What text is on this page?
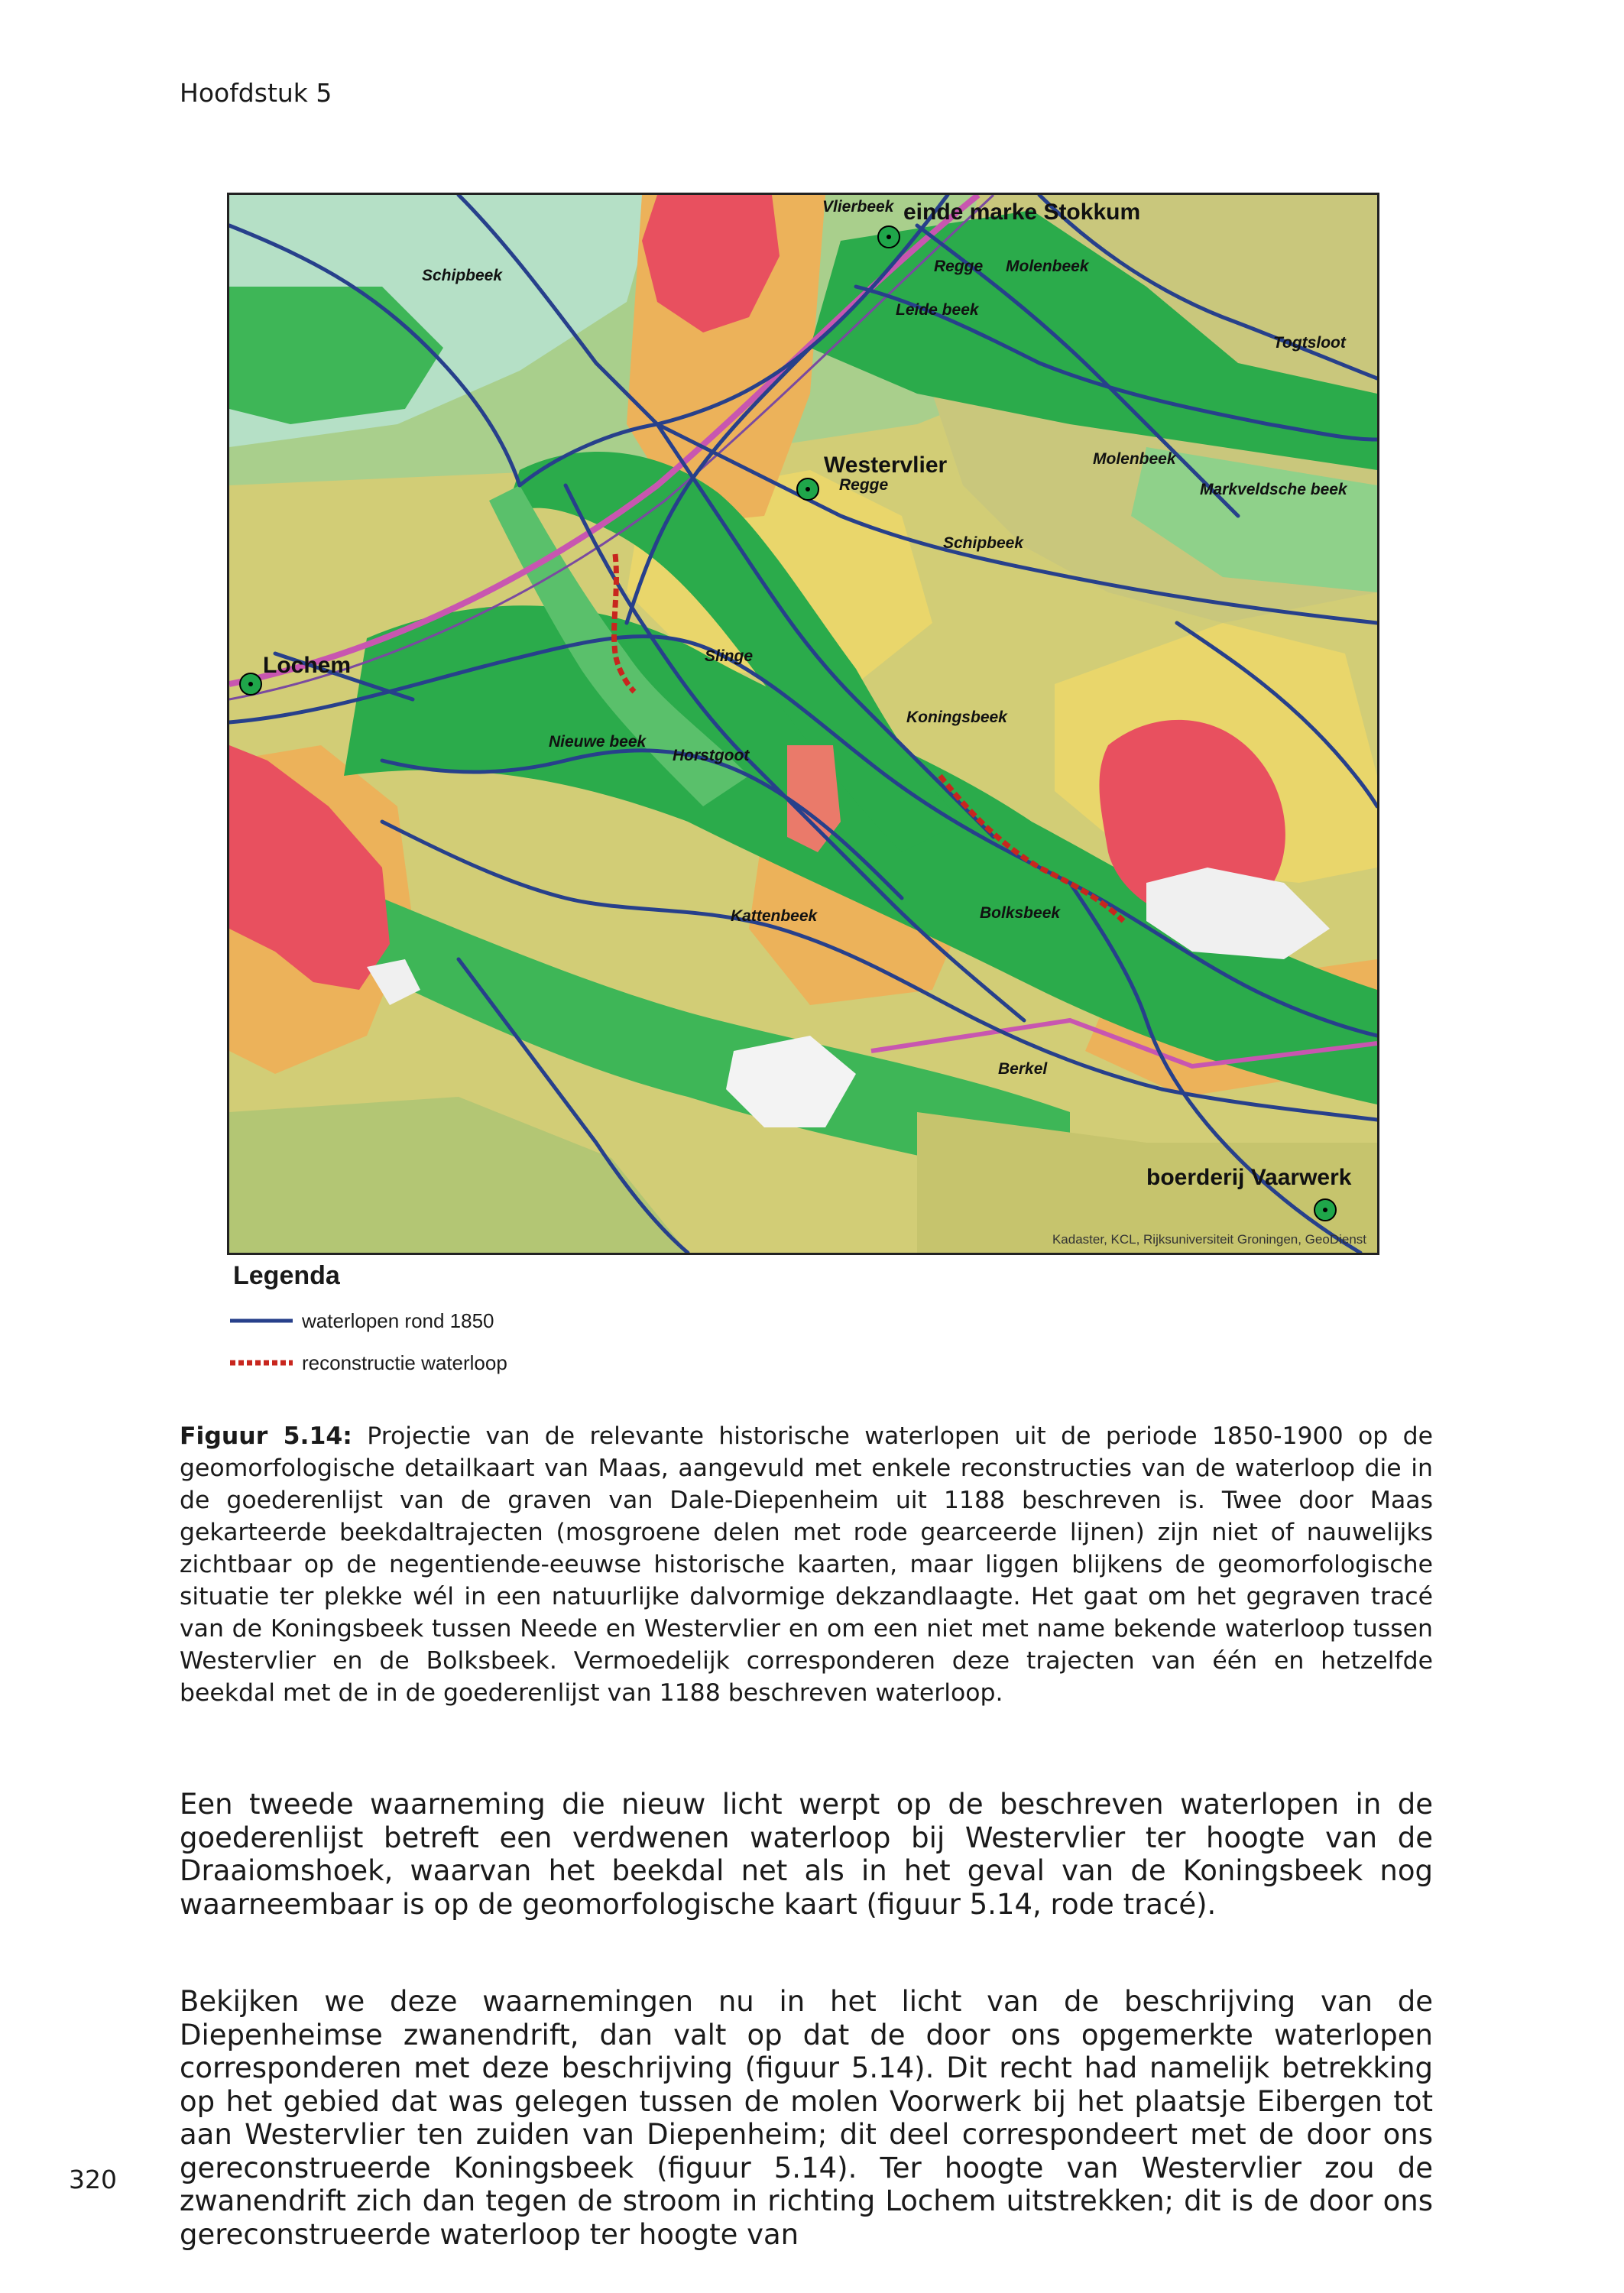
Hoofdstuk 5
einde marke Stokkum
Westervlier
Lochem
boerderij Vaarwerk
Vlierbeek
Schipbeek
Regge Molenbeek
Leide beek
Togtsloot
Regge
Molenbeek
Markveldsche beek
Schipbeek
Slinge
Koningsbeek
Nieuwe beek
Horstgoot
Kattenbeek	Bolksbeek
Berkel
Kadaster, KCL, Rijksuniversiteit Groningen, GeoDienst
Legenda
waterlopen rond 1850
reconstructie waterloop
Figuur 5.14: Projectie van de relevante historische waterlopen uit de periode 1850-1900 op de geomorfologische detailkaart van Maas, aangevuld met enkele reconstructies van de waterloop die in de goederenlijst van de graven van Dale-Diepenheim uit 1188 beschreven is. Twee door Maas gekarteerde beekdaltrajecten (mosgroene delen met rode gearceerde lijnen) zijn niet of nauwelijks zichtbaar op de negentiende-eeuwse historische kaarten, maar liggen blijkens de geomorfologische situatie ter plekke wél in een natuurlijke dalvormige dekzandlaagte. Het gaat om het gegraven tracé van de Koningsbeek tussen Neede en Westervlier en om een niet met name bekende waterloop tussen Westervlier en de Bolksbeek. Vermoedelijk corresponderen deze trajecten van één en hetzelfde beekdal met de in de goederenlijst van 1188 beschreven waterloop.

Een tweede waarneming die nieuw licht werpt op de beschreven waterlopen in de goederenlijst betreft een verdwenen waterloop bij Westervlier ter hoogte van de Draaiomshoek, waarvan het beekdal net als in het geval van de Koningsbeek nog waarneembaar is op de geomorfologische kaart (figuur 5.14, rode tracé).

Bekijken we deze waarnemingen nu in het licht van de beschrijving van de Diepenheimse zwanendrift, dan valt op dat de door ons opgemerkte waterlopen corresponderen met deze beschrijving (figuur 5.14). Dit recht had namelijk betrekking op het gebied dat was gelegen tussen de molen Voorwerk bij het plaatsje Eibergen tot aan Westervlier ten zuiden van Diepenheim; dit deel correspondeert met de door ons gereconstrueerde Koningsbeek (figuur 5.14). Ter hoogte van Westervlier zou de zwanendrift zich dan tegen de stroom in richting Lochem uitstrekken; dit is de door ons gereconstrueerde waterloop ter hoogte van

320
